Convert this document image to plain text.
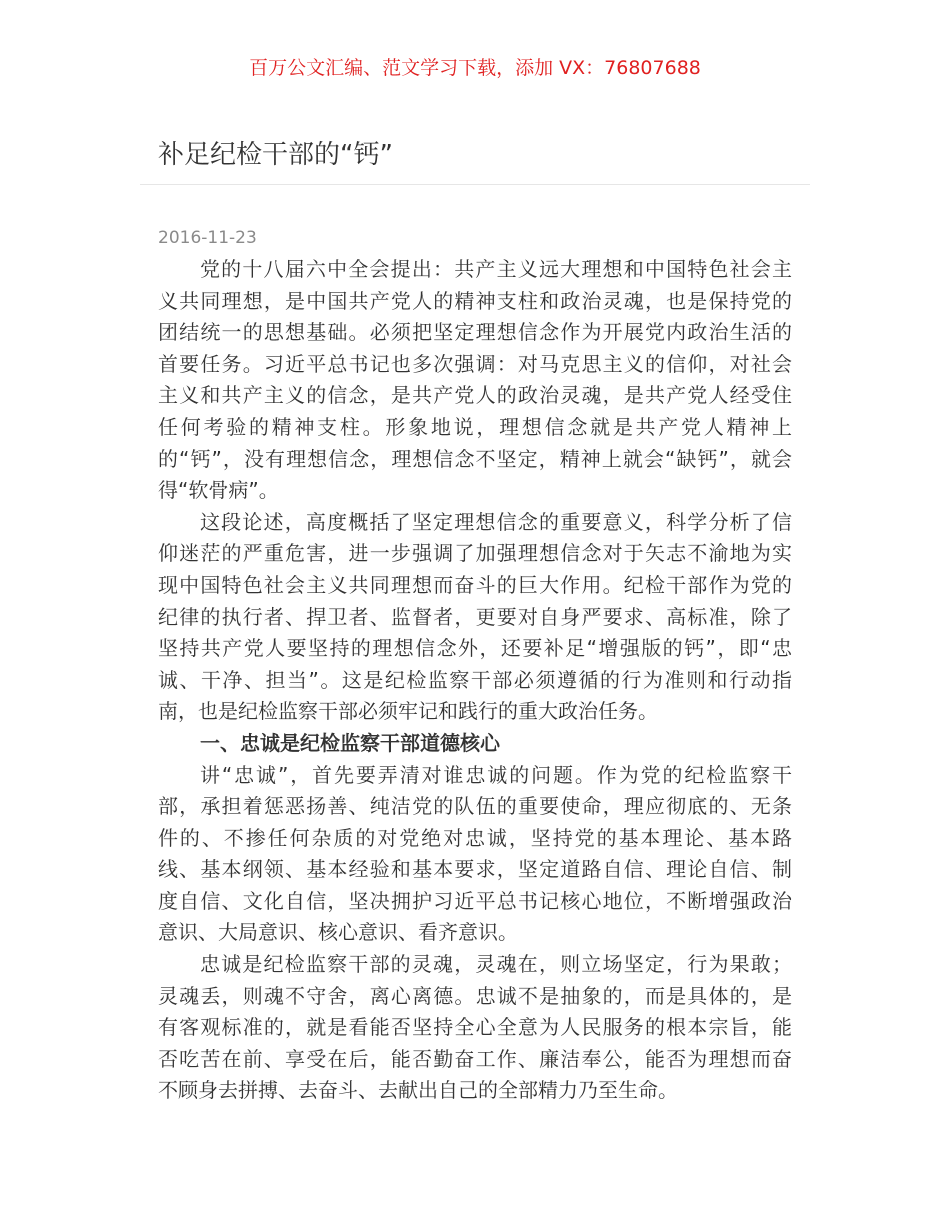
百万公文汇编、范文学习下载，添加 VX：76807688
补足纪检干部的“钙”
2016-11-23
党的十八届六中全会提出：共产主义远大理想和中国特色社会主
义共同理想，是中国共产党人的精神支柱和政治灵魂，也是保持党的
团结统一的思想基础。必须把坚定理想信念作为开展党内政治生活的
首要任务。习近平总书记也多次强调：对马克思主义的信仰，对社会
主义和共产主义的信念，是共产党人的政治灵魂，是共产党人经受住
任何考验的精神支柱。形象地说，理想信念就是共产党人精神上
的“钙”，没有理想信念，理想信念不坚定，精神上就会“缺钙”，就会
得“软骨病”。
这段论述，高度概括了坚定理想信念的重要意义，科学分析了信
仰迷茫的严重危害，进一步强调了加强理想信念对于矢志不渝地为实
现中国特色社会主义共同理想而奋斗的巨大作用。纪检干部作为党的
纪律的执行者、捍卫者、监督者，更要对自身严要求、高标准，除了
坚持共产党人要坚持的理想信念外，还要补足“增强版的钙”，即“忠
诚、干净、担当”。这是纪检监察干部必须遵循的行为准则和行动指
南，也是纪检监察干部必须牢记和践行的重大政治任务。
一、忠诚是纪检监察干部道德核心
讲“忠诚”，首先要弄清对谁忠诚的问题。作为党的纪检监察干
部，承担着惩恶扬善、纯洁党的队伍的重要使命，理应彻底的、无条
件的、不掺任何杂质的对党绝对忠诚，坚持党的基本理论、基本路
线、基本纲领、基本经验和基本要求，坚定道路自信、理论自信、制
度自信、文化自信，坚决拥护习近平总书记核心地位，不断增强政治
意识、大局意识、核心意识、看齐意识。
忠诚是纪检监察干部的灵魂，灵魂在，则立场坚定，行为果敢；
灵魂丢，则魂不守舍，离心离德。忠诚不是抽象的，而是具体的，是
有客观标准的，就是看能否坚持全心全意为人民服务的根本宗旨，能
否吃苦在前、享受在后，能否勤奋工作、廉洁奉公，能否为理想而奋
不顾身去拼搏、去奋斗、去献出自己的全部精力乃至生命。
